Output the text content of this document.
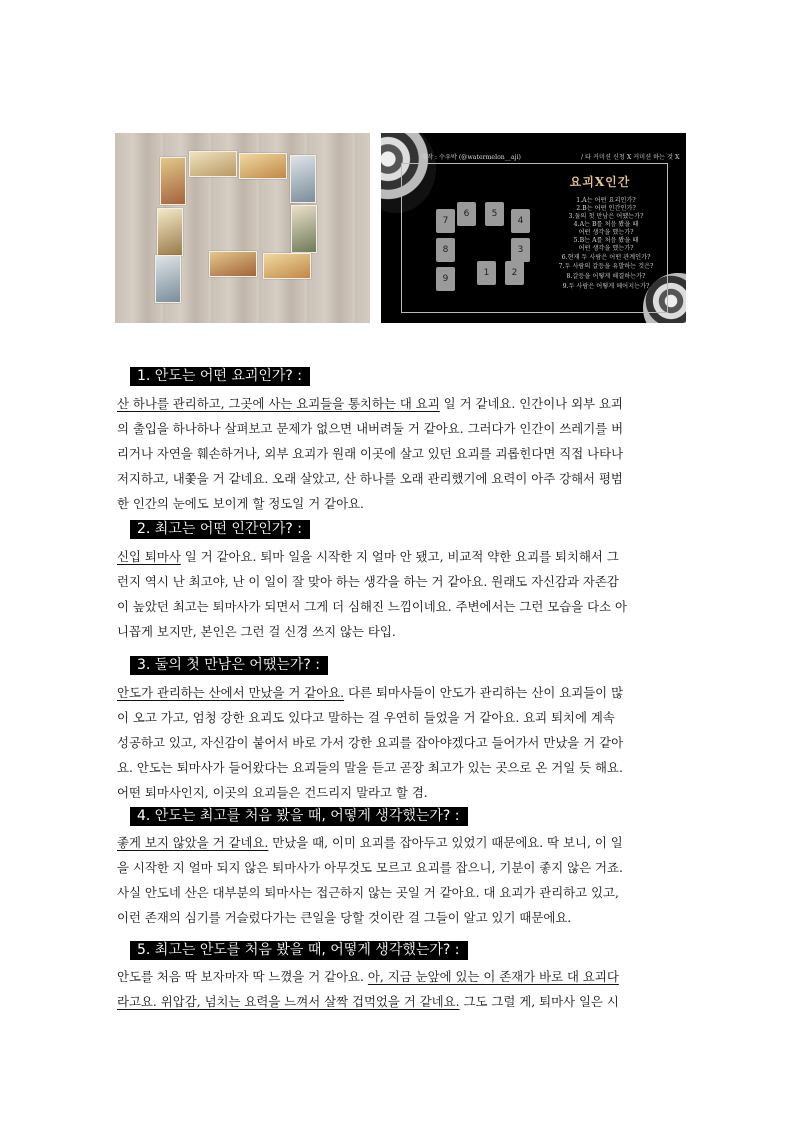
제작 : 수우박 (@watermelon__aji)	/ 타 커미션 신청 X 커미션 하는 것 X
요괴X인간
1.A는 어떤 요괴인가?
2.B는 어떤 인간인가?
3.둘의 첫 만남은 어땠는가?
4.A는 B를 처음 봤을 때
어떤 생각을 했는가?
5.B는 A를 처음 봤을 때
어떤 생각을 했는가?
6.현재 두 사람은 어떤 관계인가?
7.두 사람의 갈등을 유발하는 것은?
8.갈등을 어떻게 해결하는가?
9.두 사람은 어떻게 헤어지는가?
7
6	5
4
8	3
9
1	2
1. 안도는 어떤 요괴인가? :
산 하나를 관리하고, 그곳에 사는 요괴들을 통치하는 대 요괴 일 거 같네요. 인간이나 외부 요괴
의 출입을 하나하나 살펴보고 문제가 없으면 내버려둘 거 같아요. 그러다가 인간이 쓰레기를 버
리거나 자연을 훼손하거나, 외부 요괴가 원래 이곳에 살고 있던 요괴를 괴롭힌다면 직접 나타나
저지하고, 내쫓을 거 같네요. 오래 살았고, 산 하나를 오래 관리했기에 요력이 아주 강해서 평범
한 인간의 눈에도 보이게 할 정도일 거 같아요.
2. 최고는 어떤 인간인가? :
신입 퇴마사 일 거 같아요. 퇴마 일을 시작한 지 얼마 안 됐고, 비교적 약한 요괴를 퇴치해서 그
런지 역시 난 최고야, 난 이 일이 잘 맞아 하는 생각을 하는 거 같아요. 원래도 자신감과 자존감
이 높았던 최고는 퇴마사가 되면서 그게 더 심해진 느낌이네요. 주변에서는 그런 모습을 다소 아
니꼽게 보지만, 본인은 그런 걸 신경 쓰지 않는 타입.
3. 둘의 첫 만남은 어땠는가? :
안도가 관리하는 산에서 만났을 거 같아요. 다른 퇴마사들이 안도가 관리하는 산이 요괴들이 많
이 오고 가고, 엄청 강한 요괴도 있다고 말하는 걸 우연히 들었을 거 같아요. 요괴 퇴치에 계속
성공하고 있고, 자신감이 붙어서 바로 가서 강한 요괴를 잡아야겠다고 들어가서 만났을 거 같아
요. 안도는 퇴마사가 들어왔다는 요괴들의 말을 듣고 곧장 최고가 있는 곳으로 온 거일 듯 해요.
어떤 퇴마사인지, 이곳의 요괴들은 건드리지 말라고 할 겸.
4. 안도는 최고를 처음 봤을 때, 어떻게 생각했는가? :
좋게 보지 않았을 거 같네요. 만났을 때, 이미 요괴를 잡아두고 있었기 때문에요. 딱 보니, 이 일
을 시작한 지 얼마 되지 않은 퇴마사가 아무것도 모르고 요괴를 잡으니, 기분이 좋지 않은 거죠.
사실 안도네 산은 대부분의 퇴마사는 접근하지 않는 곳일 거 같아요. 대 요괴가 관리하고 있고,
이런 존재의 심기를 거슬렀다가는 큰일을 당할 것이란 걸 그들이 알고 있기 때문에요.
5. 최고는 안도를 처음 봤을 때, 어떻게 생각했는가? :
안도를 처음 딱 보자마자 딱 느꼈을 거 같아요. 아, 지금 눈앞에 있는 이 존재가 바로 대 요괴다
라고요. 위압감, 넘치는 요력을 느껴서 살짝 겁먹었을 거 같네요. 그도 그럴 게, 퇴마사 일은 시
